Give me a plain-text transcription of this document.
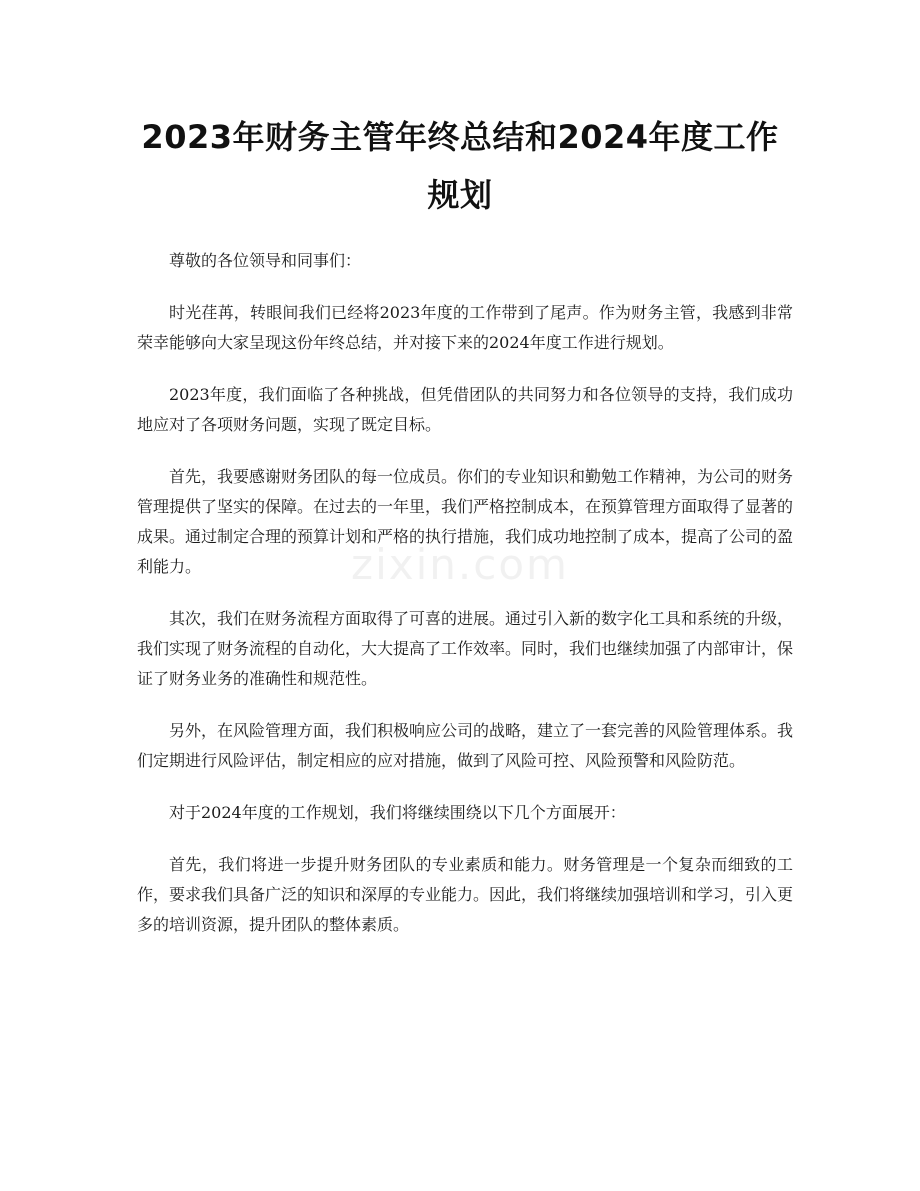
2023年财务主管年终总结和2024年度工作规划
zixin.com

尊敬的各位领导和同事们：

时光荏苒，转眼间我们已经将2023年度的工作带到了尾声。作为财务主管，我感到非常荣幸能够向大家呈现这份年终总结，并对接下来的2024年度工作进行规划。

2023年度，我们面临了各种挑战，但凭借团队的共同努力和各位领导的支持，我们成功地应对了各项财务问题，实现了既定目标。

首先，我要感谢财务团队的每一位成员。你们的专业知识和勤勉工作精神，为公司的财务管理提供了坚实的保障。在过去的一年里，我们严格控制成本，在预算管理方面取得了显著的成果。通过制定合理的预算计划和严格的执行措施，我们成功地控制了成本，提高了公司的盈利能力。

其次，我们在财务流程方面取得了可喜的进展。通过引入新的数字化工具和系统的升级，我们实现了财务流程的自动化，大大提高了工作效率。同时，我们也继续加强了内部审计，保证了财务业务的准确性和规范性。

另外，在风险管理方面，我们积极响应公司的战略，建立了一套完善的风险管理体系。我们定期进行风险评估，制定相应的应对措施，做到了风险可控、风险预警和风险防范。

对于2024年度的工作规划，我们将继续围绕以下几个方面展开：

首先，我们将进一步提升财务团队的专业素质和能力。财务管理是一个复杂而细致的工作，要求我们具备广泛的知识和深厚的专业能力。因此，我们将继续加强培训和学习，引入更多的培训资源，提升团队的整体素质。
